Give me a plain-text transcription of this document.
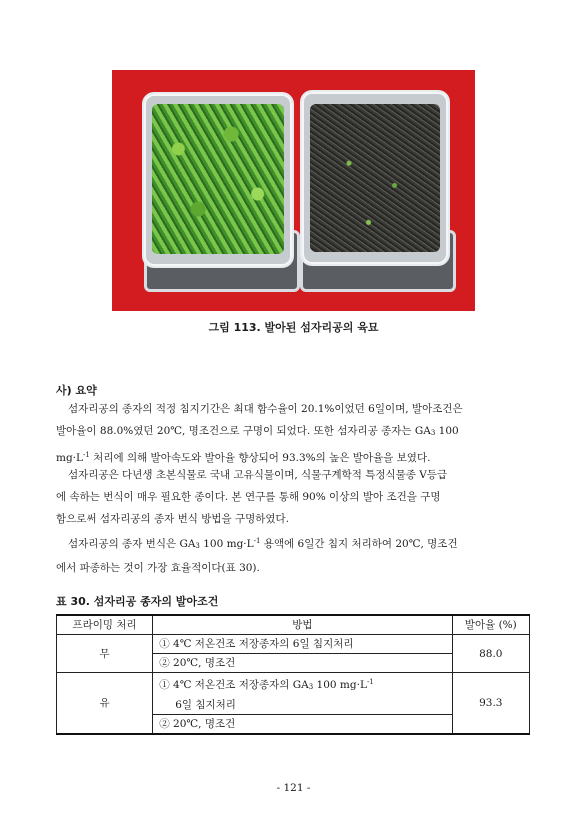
그림 113. 발아된 섬자리공의 육묘
사) 요약
섬자리공의 종자의 적정 침지기간은 최대 함수율이 20.1%이었던 6일이며, 발아조건은
발아율이 88.0%였던 20℃, 명조건으로 구명이 되었다. 또한 섬자리공 종자는 GA3 100
$mg\cdot L^{-1}$ 처리에 의해 발아속도와 발아율 향상되어 93.3%의 높은 발아율을 보였다.
섬자리공은 다년생 초본식물로 국내 고유식물이며, 식물구계학적 특정식물종 V등급
에 속하는 번식이 매우 필요한 종이다. 본 연구를 통해 90% 이상의 발아 조건을 구명
함으로써 섬자리공의 종자 번식 방법을 구명하였다.
섬자리공의 종자 번식은 GA3 100 $mg\cdot L^{-1}$ 용액에 6일간 침지 처리하여 20℃, 명조건
에서 파종하는 것이 가장 효율적이다(표 30).
표 30. 섬자리공 종자의 발아조건
프라이밍 처리	방법	발아율 (%)
무	① 4℃ 저온건조 저장종자의 6일 침지처리	88.0
	② 20℃, 명조건	
유	① 4℃ 저온건조 저장종자의 GA3 100 $mg\cdot L^{-1}$	93.3
	6일 침지처리	
	② 20℃, 명조건	
- 121 -
